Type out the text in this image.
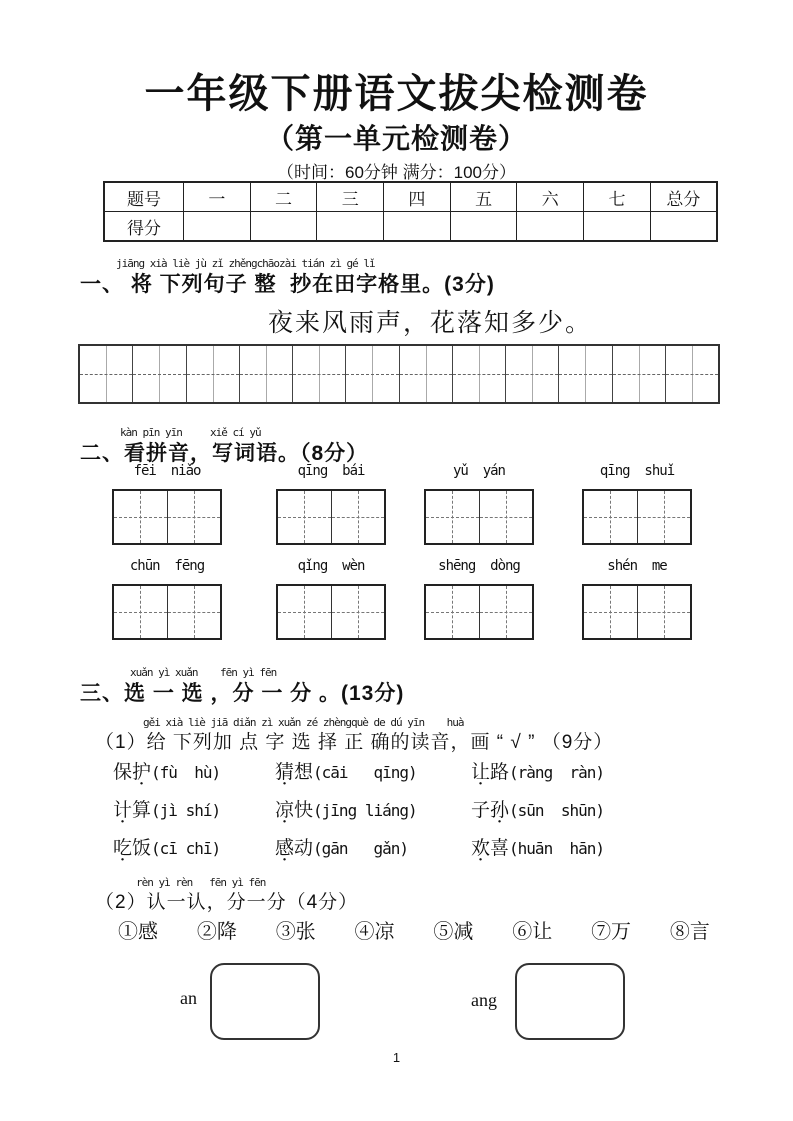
一年级下册语文拔尖检测卷
（第一单元检测卷）
（时间：60分钟 满分：100分）
题号	一	二	三	四	五	六	七	总分
得分								
jiāng xià liè jù zǐ zhěngchāozài tián zì gé lǐ
一、 将 下列句子 整  抄在田字格里。(3分)
夜来风雨声，花落知多少。
kàn pīn yīn     xiě cí yǔ
二、看拼音，写词语。（8分）
fēi  niǎo	qīng  bái	yǔ  yán	qīng  shuǐ
chūn  fēng	qǐng  wèn	shēng  dòng	shén  me
xuǎn yì xuǎn    fēn yì fēn
三、选 一 选 ，分 一 分 。(13分)
gěi xià liè jiā diǎn zì xuǎn zé zhèngquè de dú yīn    huà
（1）给 下列加 点 字 选 择 正 确的读音，画 “ √ ” （9分）
保护(fù  hù)	猜想(cāi   qīng)	让路(ràng  ràn)
计算(jì shí)	凉快(jīng liáng)	子孙(sūn  shūn)
吃饭(cī chī)	感动(gān   gǎn)	欢喜(huān  hān)
rèn yì rèn   fēn yì fēn
（2）认一认，分一分（4分）
①感 ②降 ③张 ④凉 ⑤减 ⑥让 ⑦万 ⑧言
an	ang
1
